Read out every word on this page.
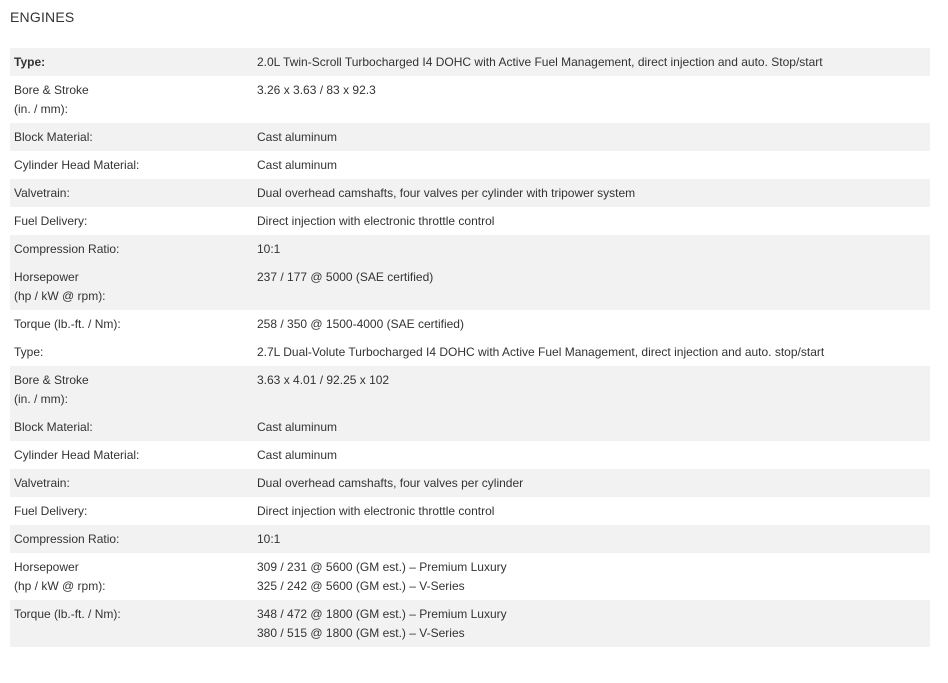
ENGINES
Type:	2.0L Twin-Scroll Turbocharged I4 DOHC with Active Fuel Management, direct injection and auto. Stop/start

Bore & Stroke
(in. / mm):	3.26 x 3.63 / 83 x 92.3

Block Material:	Cast aluminum

Cylinder Head Material:	Cast aluminum

Valvetrain:	Dual overhead camshafts, four valves per cylinder with tripower system

Fuel Delivery:	Direct injection with electronic throttle control

Compression Ratio:	10:1

Horsepower
(hp / kW @ rpm):	237 / 177 @ 5000 (SAE certified)

Torque (lb.-ft. / Nm):	258 / 350 @ 1500-4000 (SAE certified)

Type:	2.7L Dual-Volute Turbocharged I4 DOHC with Active Fuel Management, direct injection and auto. stop/start

Bore & Stroke
(in. / mm):	3.63 x 4.01 / 92.25 x 102

Block Material:	Cast aluminum

Cylinder Head Material:	Cast aluminum

Valvetrain:	Dual overhead camshafts, four valves per cylinder

Fuel Delivery:	Direct injection with electronic throttle control

Compression Ratio:	10:1

Horsepower
(hp / kW @ rpm):	309 / 231 @ 5600 (GM est.) – Premium Luxury
325 / 242 @ 5600 (GM est.) – V-Series

Torque (lb.-ft. / Nm):	348 / 472 @ 1800 (GM est.) – Premium Luxury
380 / 515 @ 1800 (GM est.) – V-Series
